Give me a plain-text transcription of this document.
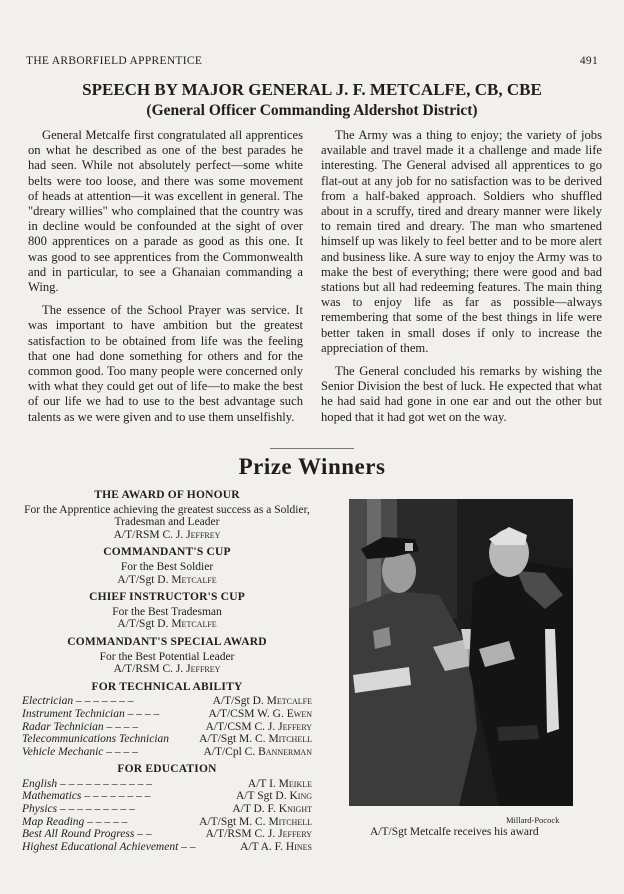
THE ARBORFIELD APPRENTICE	491
SPEECH BY MAJOR GENERAL J. F. METCALFE, CB, CBE
(General Officer Commanding Aldershot District)

General Metcalfe first congratulated all apprentices on what he described as one of the best parades he had seen. While not absolutely perfect—some white belts were too loose, and there was some movement of heads at attention—it was excellent in general. The "dreary willies" who complained that the country was in decline would be confounded at the sight of over 800 apprentices on a parade as good as this one. It was good to see apprentices from the Commonwealth and in particular, to see a Ghanaian commanding a Wing.

The essence of the School Prayer was service. It was important to have ambition but the greatest satisfaction to be obtained from life was the feeling that one had done something for others and for the common good. Too many people were concerned only with what they could get out of life—to make the best of our life we had to use to the best advantage such talents as we were given and to use them unselfishly.

The Army was a thing to enjoy; the variety of jobs available and travel made it a challenge and made life interesting. The General advised all apprentices to go flat-out at any job for no satisfaction was to be derived from a half-baked approach. Soldiers who shuffled about in a scruffy, tired and dreary manner were likely to remain tired and dreary. The man who smartened himself up was likely to feel better and to be more alert and business like. A sure way to enjoy the Army was to make the best of everything; there were good and bad stations but all had redeeming features. The main thing was to enjoy life as far as possible—always remembering that some of the best things in life were better taken in small doses if only to increase the appreciation of them.

The General concluded his remarks by wishing the Senior Division the best of luck. He expected that what he had said had gone in one ear and out the other but hoped that it had got wet on the way.

Prize Winners
THE AWARD OF HONOUR
For the Apprentice achieving the greatest success as a Soldier, Tradesman and Leader
A/T/RSM C. J. Jeffrey
COMMANDANT'S CUP
For the Best Soldier
A/T/Sgt D. Metcalfe
CHIEF INSTRUCTOR'S CUP
For the Best Tradesman
A/T/Sgt D. Metcalfe
COMMANDANT'S SPECIAL AWARD
For the Best Potential Leader
A/T/RSM C. J. Jeffrey
FOR TECHNICAL ABILITY
Electrician – – – – – – –	A/T/Sgt D. Metcalfe
Instrument Technician – – – –	A/T/CSM W. G. Ewen
Radar Technician – – – –	A/T/CSM C. J. Jeffery
Telecommunications Technician	A/T/Sgt M. C. Mitchell
Vehicle Mechanic – – – –	A/T/Cpl C. Bannerman
FOR EDUCATION
English – – – – – – – – – – –	A/T I. Meikle
Mathematics – – – – – – – –	A/T Sgt D. King
Physics – – – – – – – – –	A/T D. F. Knight
Map Reading – – – – –	A/T/Sgt M. C. Mitchell
Best All Round Progress – –	A/T/RSM C. J. Jeffery
Highest Educational Achievement – –	A/T A. F. Hines
Millard-Pocock
A/T/Sgt Metcalfe receives his award
